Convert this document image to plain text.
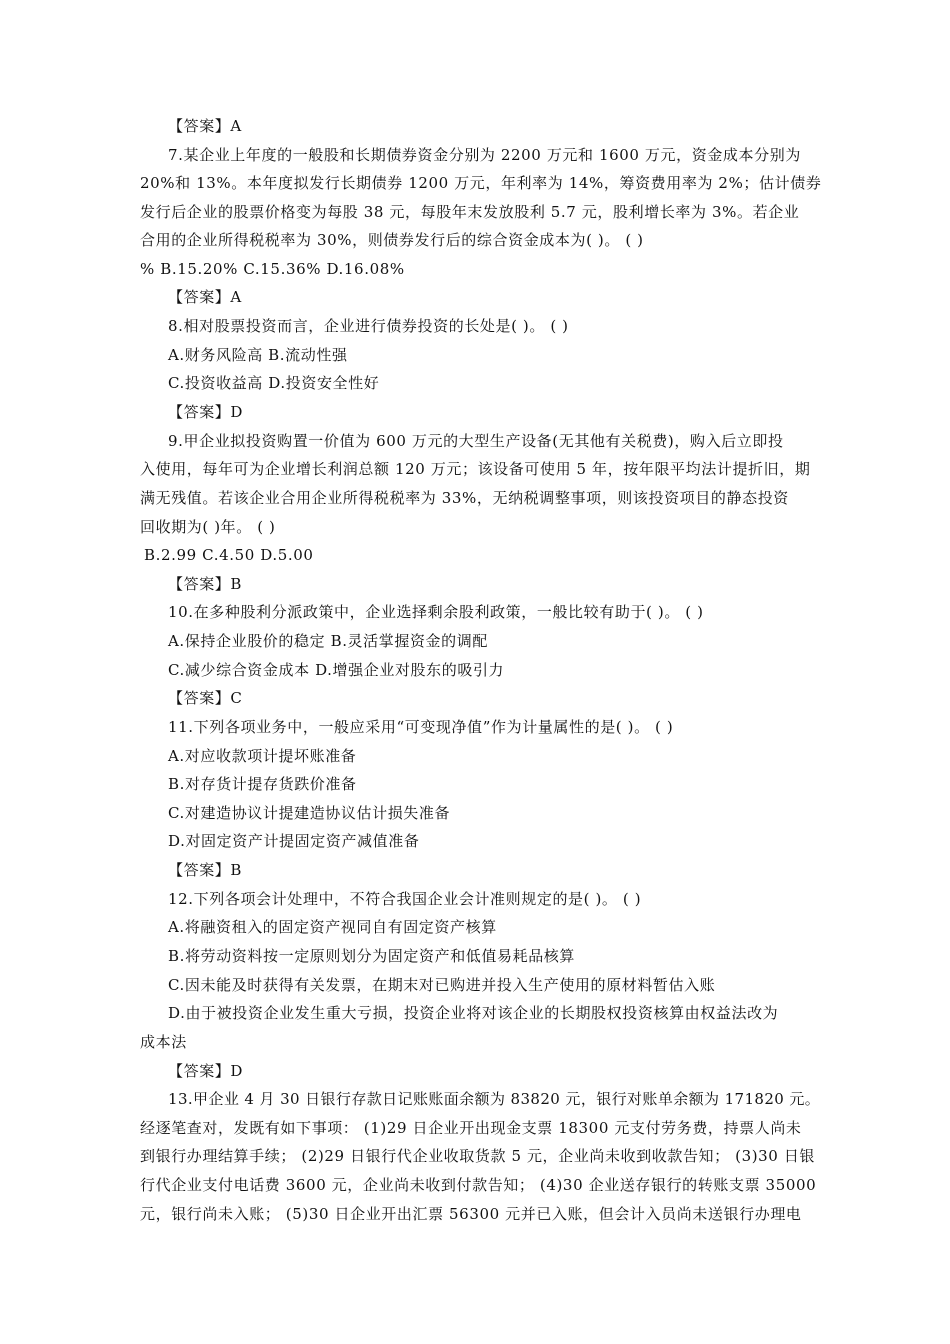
【答案】A
7.某企业上年度的一般股和长期债券资金分别为 2200 万元和 1600 万元，资金成本分别为
20%和 13%。本年度拟发行长期债券 1200 万元，年利率为 14%，筹资费用率为 2%；估计债券
发行后企业的股票价格变为每股 38 元，每股年末发放股利 5.7 元，股利增长率为 3%。若企业
合用的企业所得税税率为 30%，则债券发行后的综合资金成本为( )。 ( )
% B.15.20% C.15.36% D.16.08%
【答案】A
8.相对股票投资而言，企业进行债券投资的长处是( )。 ( )
A.财务风险高 B.流动性强
C.投资收益高 D.投资安全性好
【答案】D
9.甲企业拟投资购置一价值为 600 万元的大型生产设备(无其他有关税费)，购入后立即投
入使用，每年可为企业增长利润总额 120 万元；该设备可使用 5 年，按年限平均法计提折旧，期
满无残值。若该企业合用企业所得税税率为 33%，无纳税调整事项，则该投资项目的静态投资
回收期为( )年。 ( )
B.2.99 C.4.50 D.5.00
【答案】B
10.在多种股利分派政策中，企业选择剩余股利政策，一般比较有助于( )。 ( )
A.保持企业股价的稳定 B.灵活掌握资金的调配
C.减少综合资金成本 D.增强企业对股东的吸引力
【答案】C
11.下列各项业务中，一般应采用“可变现净值”作为计量属性的是( )。 ( )
A.对应收款项计提坏账准备
B.对存货计提存货跌价准备
C.对建造协议计提建造协议估计损失准备
D.对固定资产计提固定资产减值准备
【答案】B
12.下列各项会计处理中，不符合我国企业会计准则规定的是( )。 ( )
A.将融资租入的固定资产视同自有固定资产核算
B.将劳动资料按一定原则划分为固定资产和低值易耗品核算
C.因未能及时获得有关发票，在期末对已购进并投入生产使用的原材料暂估入账
D.由于被投资企业发生重大亏损，投资企业将对该企业的长期股权投资核算由权益法改为
成本法
【答案】D
13.甲企业 4 月 30 日银行存款日记账账面余额为 83820 元，银行对账单余额为 171820 元。
经逐笔查对，发既有如下事项： (1)29 日企业开出现金支票 18300 元支付劳务费，持票人尚未
到银行办理结算手续； (2)29 日银行代企业收取货款 5 元，企业尚未收到收款告知； (3)30 日银
行代企业支付电话费 3600 元，企业尚未收到付款告知； (4)30 企业送存银行的转账支票 35000
元，银行尚未入账； (5)30 日企业开出汇票 56300 元并已入账，但会计入员尚未送银行办理电
